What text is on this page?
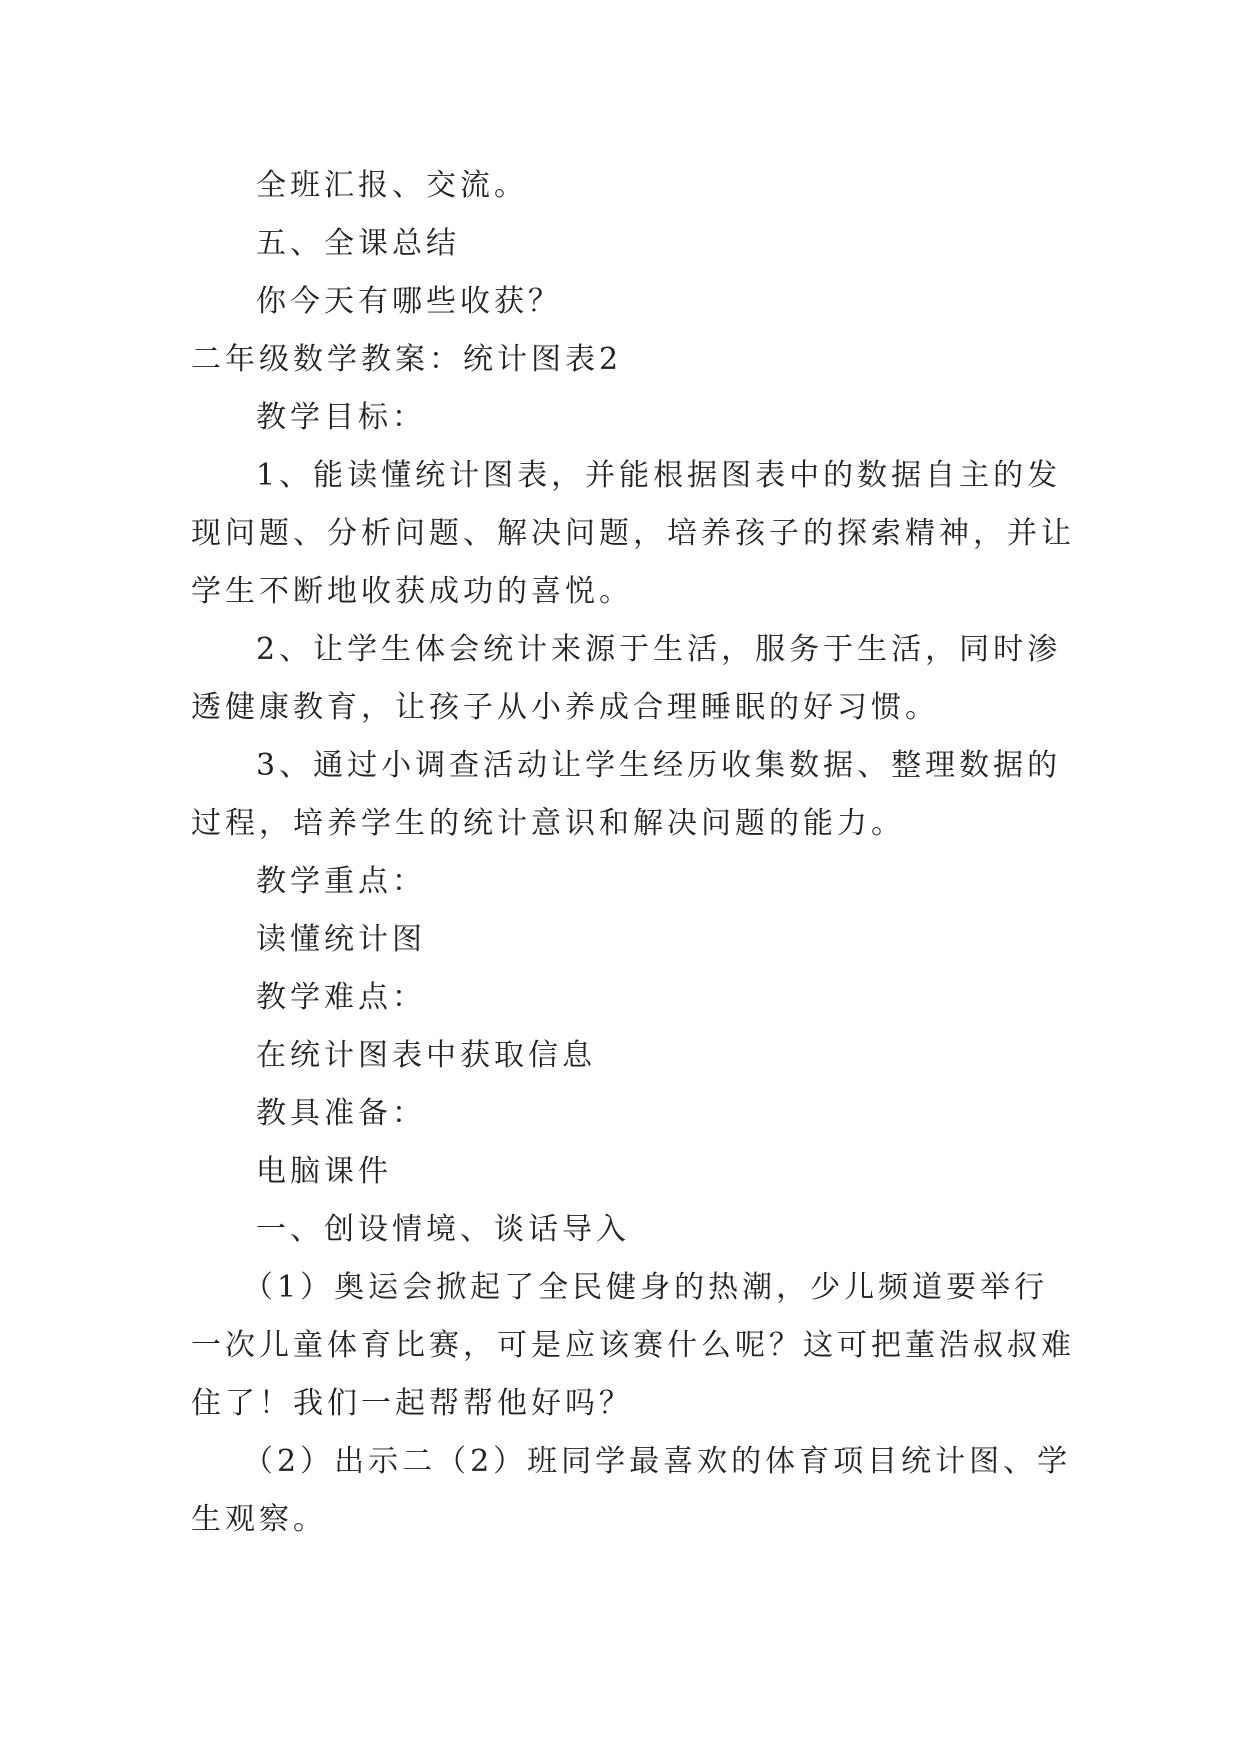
全班汇报、交流。
五、全课总结
你今天有哪些收获？
二年级数学教案：统计图表2
教学目标：
1、能读懂统计图表，并能根据图表中的数据自主的发
现问题、分析问题、解决问题，培养孩子的探索精神，并让
学生不断地收获成功的喜悦。
2、让学生体会统计来源于生活，服务于生活，同时渗
透健康教育，让孩子从小养成合理睡眠的好习惯。
3、通过小调查活动让学生经历收集数据、整理数据的
过程，培养学生的统计意识和解决问题的能力。
教学重点：
读懂统计图
教学难点：
在统计图表中获取信息
教具准备：
电脑课件
一、创设情境、谈话导入
（1）奥运会掀起了全民健身的热潮，少儿频道要举行
一次儿童体育比赛，可是应该赛什么呢？这可把董浩叔叔难
住了！我们一起帮帮他好吗？
（2）出示二（2）班同学最喜欢的体育项目统计图、学
生观察。
